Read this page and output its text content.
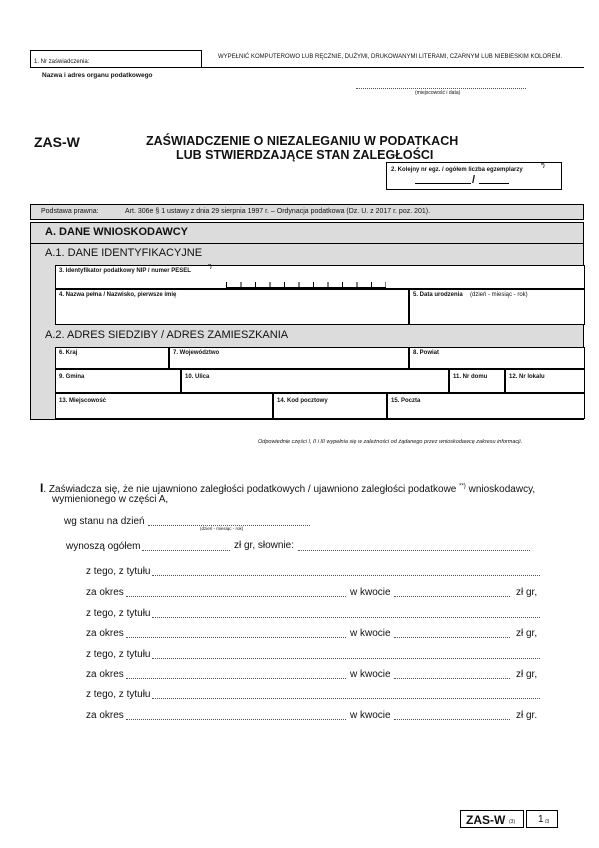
1. Nr zaświadczenia:
WYPEŁNIĆ KOMPUTEROWO LUB RĘCZNIE, DUŻYMI, DRUKOWANYMI LITERAMI, CZARNYM LUB NIEBIESKIM KOLOREM.
Nazwa i adres organu podatkowego
(miejscowość i data)
ZAS-W	ZAŚWIADCZENIE O NIEZALEGANIU W PODATKACH
LUB STWIERDZAJĄCE STAN ZALEGŁOŚCI
2. Kolejny nr egz. / ogółem liczba egzemplarzy
*)
/
Podstawa prawna:	Art. 306e § 1 ustawy z dnia 29 sierpnia 1997 r. – Ordynacja podatkowa (Dz. U. z 2017 r. poz. 201).
A. DANE WNIOSKODAWCY
A.1. DANE IDENTYFIKACYJNE
3. Identyfikator podatkowy NIP / numer PESEL
*)
4. Nazwa pełna / Nazwisko, pierwsze imię	5. Data urodzenia (dzień - miesiąc - rok)
A.2. ADRES SIEDZIBY / ADRES ZAMIESZKANIA
6. Kraj	7. Województwo	8. Powiat
9. Gmina	10. Ulica	11. Nr domu	12. Nr lokalu
13. Miejscowość	14. Kod pocztowy	15. Poczta
Odpowiednie części I, II i III wypełnia się w zależności od żądanego przez wnioskodawcę zakresu informacji.
I. Zaświadcza się, że nie ujawniono zaległości podatkowych / ujawniono zaległości podatkowe **) wnioskodawcy,
wymienionego w części A,
wg stanu na dzień
(dzień - miesiąc - rok)
wynoszą ogółem	zł gr, słownie:
z tego, z tytułu
za okres	w kwocie	zł gr,
z tego, z tytułu
za okres	w kwocie	zł gr,
z tego, z tytułu
za okres	w kwocie	zł gr,
z tego, z tytułu
za okres	w kwocie	zł gr.
ZAS-W (3) 1 /3
